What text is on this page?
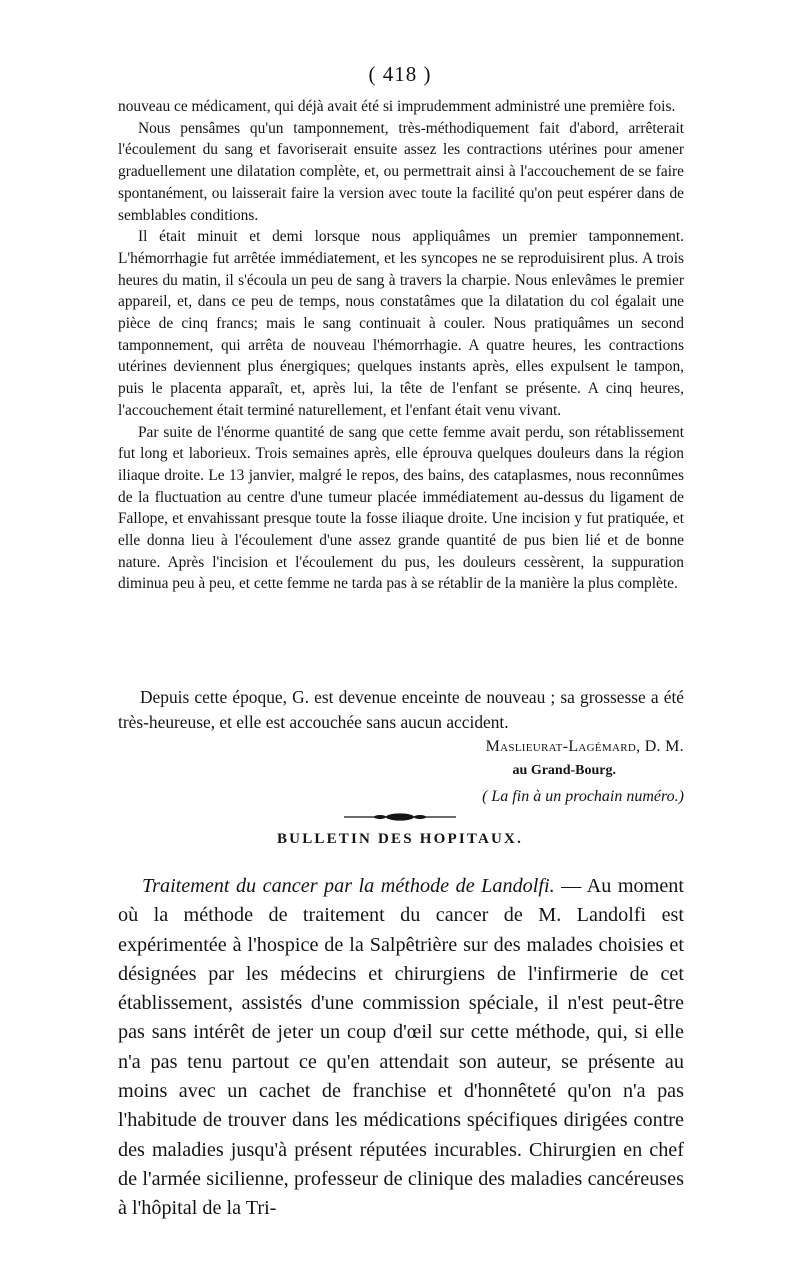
( 418 )

nouveau ce médicament, qui déjà avait été si imprudemment administré une première fois.

Nous pensâmes qu'un tamponnement, très-méthodiquement fait d'abord, arrêterait l'écoulement du sang et favoriserait ensuite assez les contractions utérines pour amener graduellement une dilatation complète, et, ou permettrait ainsi à l'accouchement de se faire spontanément, ou laisserait faire la version avec toute la facilité qu'on peut espérer dans de semblables conditions.

Il était minuit et demi lorsque nous appliquâmes un premier tamponnement. L'hémorrhagie fut arrêtée immédiatement, et les syncopes ne se reproduisirent plus. A trois heures du matin, il s'écoula un peu de sang à travers la charpie. Nous enlevâmes le premier appareil, et, dans ce peu de temps, nous constatâmes que la dilatation du col égalait une pièce de cinq francs; mais le sang continuait à couler. Nous pratiquâmes un second tamponnement, qui arrêta de nouveau l'hémorrhagie. A quatre heures, les contractions utérines deviennent plus énergiques; quelques instants après, elles expulsent le tampon, puis le placenta apparaît, et, après lui, la tête de l'enfant se présente. A cinq heures, l'accouchement était terminé naturellement, et l'enfant était venu vivant.

Par suite de l'énorme quantité de sang que cette femme avait perdu, son rétablissement fut long et laborieux. Trois semaines après, elle éprouva quelques douleurs dans la région iliaque droite. Le 13 janvier, malgré le repos, des bains, des cataplasmes, nous reconnûmes de la fluctuation au centre d'une tumeur placée immédiatement au-dessus du ligament de Fallope, et envahissant presque toute la fosse iliaque droite. Une incision y fut pratiquée, et elle donna lieu à l'écoulement d'une assez grande quantité de pus bien lié et de bonne nature. Après l'incision et l'écoulement du pus, les douleurs cessèrent, la suppuration diminua peu à peu, et cette femme ne tarda pas à se rétablir de la manière la plus complète.

Depuis cette époque, G. est devenue enceinte de nouveau ; sa grossesse a été très-heureuse, et elle est accouchée sans aucun accident.

Maslieurat-Lagémard, D. M.
au Grand-Bourg.
( La fin à un prochain numéro.)
BULLETIN DES HOPITAUX.

Traitement du cancer par la méthode de Landolfi. — Au moment où la méthode de traitement du cancer de M. Landolfi est expérimentée à l'hospice de la Salpêtrière sur des malades choisies et désignées par les médecins et chirurgiens de l'infirmerie de cet établissement, assistés d'une commission spéciale, il n'est peut-être pas sans intérêt de jeter un coup d'œil sur cette méthode, qui, si elle n'a pas tenu partout ce qu'en attendait son auteur, se présente au moins avec un cachet de franchise et d'honnêteté qu'on n'a pas l'habitude de trouver dans les médications spécifiques dirigées contre des maladies jusqu'à présent réputées incurables. Chirurgien en chef de l'armée sicilienne, professeur de clinique des maladies cancéreuses à l'hôpital de la Tri-
